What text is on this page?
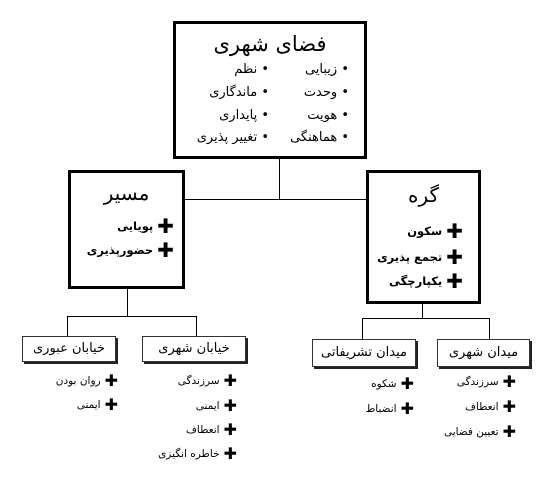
فضای شهری
• زیبایی
• وحدت
• هویت
• هماهنگی
• نظم
• ماندگاری
• پایداری
• تغییر پذیری
مسیر
✚
پویایی
✚
حضورپذیری
گره
✚
سکون
✚
تجمع پذیری
✚
یکپارچگی
خیابان عبوری	خیابان شهری	میدان تشریفاتی	میدان شهری
✚
روان بودن
✚
ایمنی
✚
سرزندگی
✚
ایمنی
✚
انعطاف
✚
خاطره انگیزی
✚
شکوه
✚
انضباط
✚
سرزندگی
✚
انعطاف
✚
تعیین فضایی
